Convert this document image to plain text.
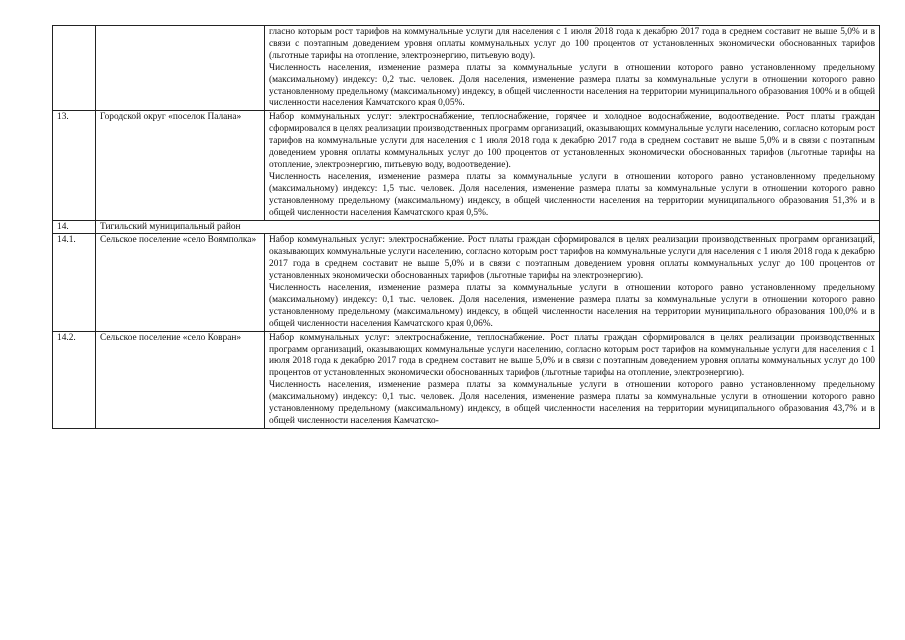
		гласно которым рост тарифов на коммунальные услуги для населения с 1 июля 2018 года к декабрю 2017 года в среднем составит не выше 5,0% и в связи с поэтапным доведением уровня оплаты коммунальных услуг до 100 процентов от установленных экономически обоснованных тарифов (льготные тарифы на отопление, электроэнергию, питьевую воду).

Численность населения, изменение размера платы за коммунальные услуги в отношении которого равно установленному предельному (максимальному) индексу: 0,2 тыс. человек. Доля населения, изменение размера платы за коммунальные услуги в отношении которого равно установленному предельному (максимальному) индексу, в общей численности населения на территории муниципального образования 100% и в общей численности населения Камчатского края 0,05%.

13.	Городской округ «поселок Палана»	Набор коммунальных услуг: электроснабжение, теплоснабжение, горячее и холодное водоснабжение, водоотведение. Рост платы граждан сформировался в целях реализации производственных программ организаций, оказывающих коммунальные услуги населению, согласно которым рост тарифов на коммунальные услуги для населения с 1 июля 2018 года к декабрю 2017 года в среднем составит не выше 5,0% и в связи с поэтапным доведением уровня оплаты коммунальных услуг до 100 процентов от установленных экономически обоснованных тарифов (льготные тарифы на отопление, электроэнергию, питьевую воду, водоотведение).

Численность населения, изменение размера платы за коммунальные услуги в отношении которого равно установленному предельному (максимальному) индексу: 1,5 тыс. человек. Доля населения, изменение размера платы за коммунальные услуги в отношении которого равно установленному предельному (максимальному) индексу, в общей численности населения на территории муниципального образования 51,3% и в общей численности населения Камчатского края 0,5%.

14.	Тигильский муниципальный район	
14.1.	Сельское поселение «село Воямполка»	Набор коммунальных услуг: электроснабжение. Рост платы граждан сформировался в целях реализации производственных программ организаций, оказывающих коммунальные услуги населению, согласно которым рост тарифов на коммунальные услуги для населения с 1 июля 2018 года к декабрю 2017 года в среднем составит не выше 5,0% и в связи с поэтапным доведением уровня оплаты коммунальных услуг до 100 процентов от установленных экономически обоснованных тарифов (льготные тарифы на электроэнергию).

Численность населения, изменение размера платы за коммунальные услуги в отношении которого равно установленному предельному (максимальному) индексу: 0,1 тыс. человек. Доля населения, изменение размера платы за коммунальные услуги в отношении которого равно установленному предельному (максимальному) индексу, в общей численности населения на территории муниципального образования 100,0% и в общей численности населения Камчатского края 0,06%.

14.2.	Сельское поселение «село Ковран»	Набор коммунальных услуг: электроснабжение, теплоснабжение. Рост платы граждан сформировался в целях реализации производственных программ организаций, оказывающих коммунальные услуги населению, согласно которым рост тарифов на коммунальные услуги для населения с 1 июля 2018 года к декабрю 2017 года в среднем составит не выше 5,0% и в связи с поэтапным доведением уровня оплаты коммунальных услуг до 100 процентов от установленных экономически обоснованных тарифов (льготные тарифы на отопление, электроэнергию).

Численность населения, изменение размера платы за коммунальные услуги в отношении которого равно установленному предельному (максимальному) индексу: 0,1 тыс. человек. Доля населения, изменение размера платы за коммунальные услуги в отношении которого равно установленному предельному (максимальному) индексу, в общей численности населения на территории муниципального образования 43,7% и в общей численности населения Камчатско-
